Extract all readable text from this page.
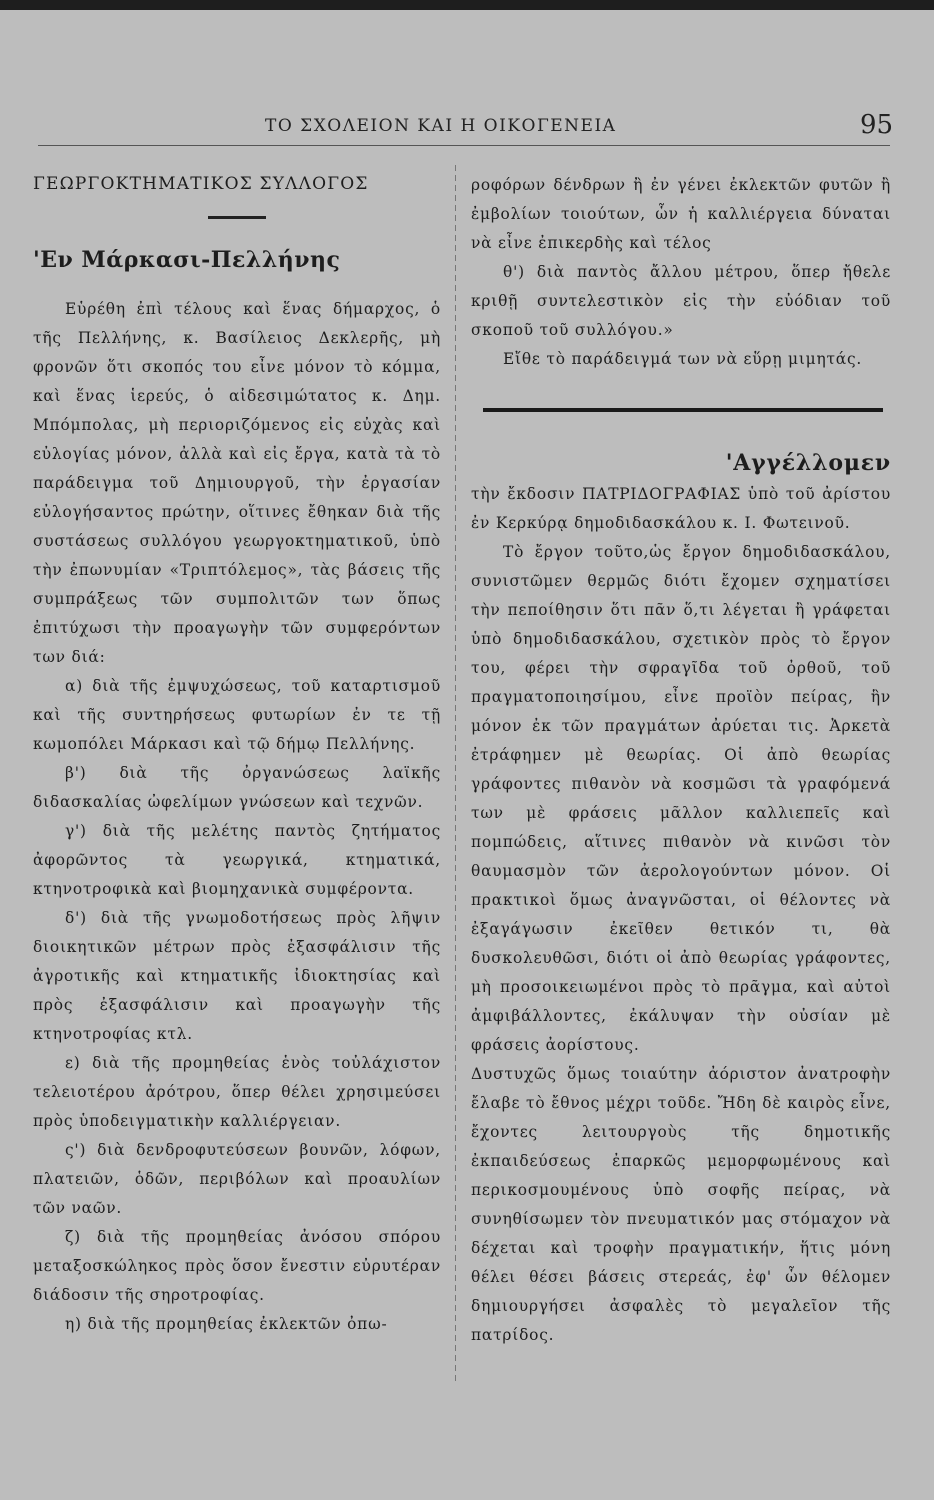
ΤΟ ΣΧΟΛΕΙΟΝ ΚΑΙ Η ΟΙΚΟΓΕΝΕΙΑ	95

ΓΕΩΡΓΟΚΤΗΜΑΤΙΚΟΣ ΣΥΛΛΟΓΟΣ

'Εν Μάρκασι-Πελλήνης

Εὑρέθη ἐπὶ τέλους καὶ ἕνας δήμαρχος, ὁ τῆς Πελλήνης, κ. Βασίλειος Δεκλερῆς, μὴ φρονῶν ὅτι σκοπός του εἶνε μόνον τὸ κόμμα, καὶ ἕνας ἱερεύς, ὁ αἰδεσιμώτατος κ. Δημ. Μπόμπολας, μὴ περιοριζόμενος εἰς εὐχὰς καὶ εὐλογίας μόνον, ἀλλὰ καὶ εἰς ἔργα, κατὰ τὰ τὸ παράδειγμα τοῦ Δημιουργοῦ, τὴν ἐργασίαν εὐλογήσαντος πρώτην, οἵτινες ἔθηκαν διὰ τῆς συστάσεως συλλόγου γεωργοκτηματικοῦ, ὑπὸ τὴν ἐπωνυμίαν «Τριπτόλεμος», τὰς βάσεις τῆς συμπράξεως τῶν συμπολιτῶν των ὅπως ἐπιτύχωσι τὴν προαγωγὴν τῶν συμφερόντων των διά:

α) διὰ τῆς ἐμψυχώσεως, τοῦ καταρτισμοῦ καὶ τῆς συντηρήσεως φυτωρίων ἐν τε τῇ κωμοπόλει Μάρκασι καὶ τῷ δήμῳ Πελλήνης.

β') διὰ τῆς ὀργανώσεως λαϊκῆς διδασκαλίας ὠφελίμων γνώσεων καὶ τεχνῶν.

γ') διὰ τῆς μελέτης παντὸς ζητήματος ἀφορῶντος τὰ γεωργικά, κτηματικά, κτηνοτροφικὰ καὶ βιομηχανικὰ συμφέροντα.

δ') διὰ τῆς γνωμοδοτήσεως πρὸς λῆψιν διοικητικῶν μέτρων πρὸς ἐξασφάλισιν τῆς ἀγροτικῆς καὶ κτηματικῆς ἰδιοκτησίας καὶ πρὸς ἐξασφάλισιν καὶ προαγωγὴν τῆς κτηνοτροφίας κτλ.

ε) διὰ τῆς προμηθείας ἑνὸς τοὐλάχιστον τελειοτέρου ἀρότρου, ὅπερ θέλει χρησιμεύσει πρὸς ὑποδειγματικὴν καλλιέργειαν.

ς') διὰ δενδροφυτεύσεων βουνῶν, λόφων, πλατειῶν, ὁδῶν, περιβόλων καὶ προαυλίων τῶν ναῶν.

ζ) διὰ τῆς προμηθείας ἀνόσου σπόρου μεταξοσκώληκος πρὸς ὅσον ἔνεστιν εὐρυτέραν διάδοσιν τῆς σηροτροφίας.

η) διὰ τῆς προμηθείας ἐκλεκτῶν ὀπω-

ροφόρων δένδρων ἢ ἐν γένει ἐκλεκτῶν φυτῶν ἢ ἐμβολίων τοιούτων, ὧν ἡ καλλιέργεια δύναται νὰ εἶνε ἐπικερδὴς καὶ τέλος

θ') διὰ παντὸς ἄλλου μέτρου, ὅπερ ἤθελε κριθῇ συντελεστικὸν εἰς τὴν εὐόδιαν τοῦ σκοποῦ τοῦ συλλόγου.»

Εἴθε τὸ παράδειγμά των νὰ εὕρῃ μιμητάς.

'Αγγέλλομεν

τὴν ἔκδοσιν ΠΑΤΡΙΔΟΓΡΑΦΙΑΣ ὑπὸ τοῦ ἀρίστου ἐν Κερκύρᾳ δημοδιδασκάλου κ. Ι. Φωτεινοῦ.

Τὸ ἔργον τοῦτο,ὡς ἔργον δημοδιδασκάλου, συνιστῶμεν θερμῶς διότι ἔχομεν σχηματίσει τὴν πεποίθησιν ὅτι πᾶν ὅ,τι λέγεται ἢ γράφεται ὑπὸ δημοδιδασκάλου, σχετικὸν πρὸς τὸ ἔργον του, φέρει τὴν σφραγῖδα τοῦ ὀρθοῦ, τοῦ πραγματοποιησίμου, εἶνε προϊὸν πείρας, ἣν μόνον ἐκ τῶν πραγμάτων ἀρύεται τις. Ἀρκετὰ ἐτράφημεν μὲ θεωρίας. Οἱ ἀπὸ θεωρίας γράφοντες πιθανὸν νὰ κοσμῶσι τὰ γραφόμενά των μὲ φράσεις μᾶλλον καλλιεπεῖς καὶ πομπώδεις, αἵτινες πιθανὸν νὰ κινῶσι τὸν θαυμασμὸν τῶν ἀερολογούντων μόνον. Οἱ πρακτικοὶ ὅμως ἀναγνῶσται, οἱ θέλοντες νὰ ἐξαγάγωσιν ἐκεῖθεν θετικόν τι, θὰ δυσκολευθῶσι, διότι οἱ ἀπὸ θεωρίας γράφοντες, μὴ προσοικειωμένοι πρὸς τὸ πρᾶγμα, καὶ αὐτοὶ ἀμφιβάλλοντες, ἐκάλυψαν τὴν οὐσίαν μὲ φράσεις ἀορίστους.

Δυστυχῶς ὅμως τοιαύτην ἀόριστον ἀνατροφὴν ἔλαβε τὸ ἔθνος μέχρι τοῦδε. Ἤδη δὲ καιρὸς εἶνε, ἔχοντες λειτουργοὺς τῆς δημοτικῆς ἐκπαιδεύσεως ἐπαρκῶς μεμορφωμένους καὶ περικοσμουμένους ὑπὸ σοφῆς πείρας, νὰ συνηθίσωμεν τὸν πνευματικόν μας στόμαχον νὰ δέχεται καὶ τροφὴν πραγματικήν, ἥτις μόνη θέλει θέσει βάσεις στερεάς, ἐφ' ὧν θέλομεν δημιουργήσει ἀσφαλὲς τὸ μεγαλεῖον τῆς πατρίδος.
